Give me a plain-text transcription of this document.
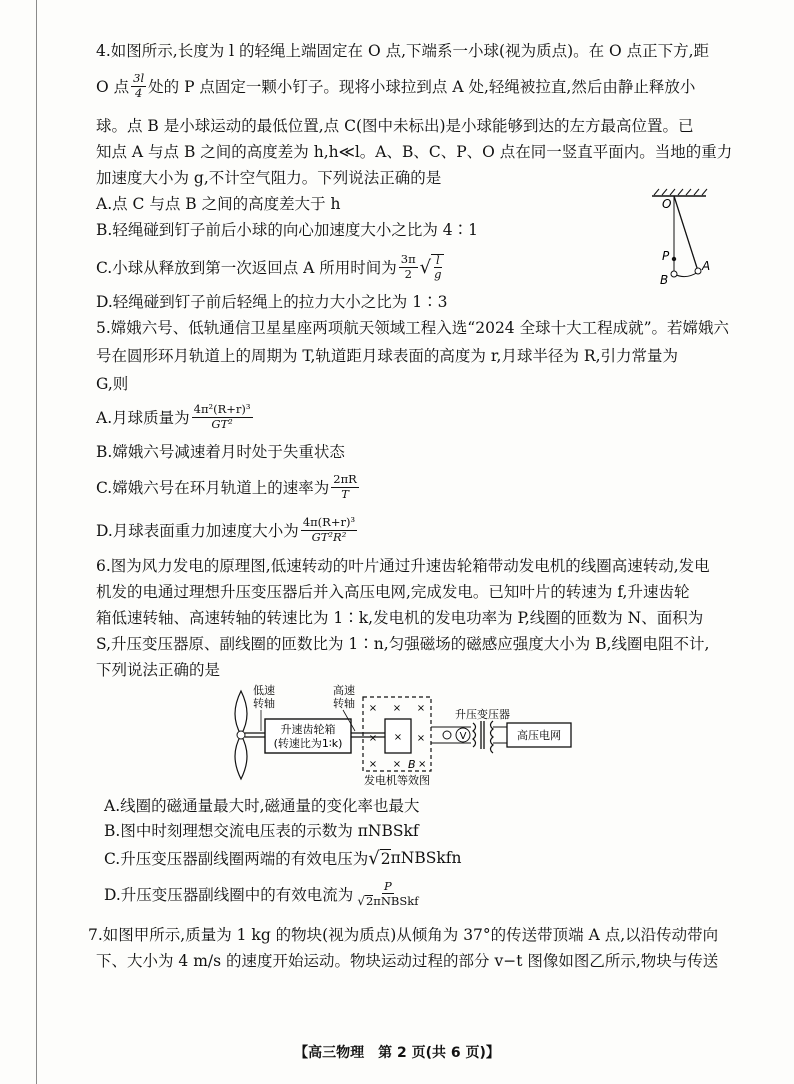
4.如图所示,长度为 l 的轻绳上端固定在 O 点,下端系一小球(视为质点)。在 O 点正下方,距
O 点 $\frac{3l}{4}$ 处的 P 点固定一颗小钉子。现将小球拉到点 A 处,轻绳被拉直,然后由静止释放小
球。点 B 是小球运动的最低位置,点 C(图中未标出)是小球能够到达的左方最高位置。已
知点 A 与点 B 之间的高度差为 h,h≪l。A、B、C、P、O 点在同一竖直平面内。当地的重力
加速度大小为 g,不计空气阻力。下列说法正确的是
A.点 C 与点 B 之间的高度差大于 h
B.轻绳碰到钉子前后小球的向心加速度大小之比为 4∶1
C.小球从释放到第一次返回点 A 所用时间为 $\frac{3\pi}{2}$ √ $\frac{l}{g}$
D.轻绳碰到钉子前后轻绳上的拉力大小之比为 1∶3
O
P
A
B
5.嫦娥六号、低轨通信卫星星座两项航天领域工程入选“2024 全球十大工程成就”。若嫦娥六
号在圆形环月轨道上的周期为 T,轨道距月球表面的高度为 r,月球半径为 R,引力常量为
G,则
A.月球质量为 $\frac{\text{4π²(R+r)³}}{\text{GT²}}$
B.嫦娥六号减速着月时处于失重状态
C.嫦娥六号在环月轨道上的速率为 $\frac{2\pi R}{T}$
D.月球表面重力加速度大小为 $\frac{\text{4π(R+r)³}}{\text{GT²R²}}$
6.图为风力发电的原理图,低速转动的叶片通过升速齿轮箱带动发电机的线圈高速转动,发电
机发的电通过理想升压变压器后并入高压电网,完成发电。已知叶片的转速为 f,升速齿轮
箱低速转轴、高速转轴的转速比为 1∶k,发电机的发电功率为 P,线圈的匝数为 N、面积为
S,升压变压器原、副线圈的匝数比为 1∶n,匀强磁场的磁感应强度大小为 B,线圈电阻不计,
下列说法正确的是
升速齿轮箱
(转速比为1∶k)
低速
转轴
高速
转轴 × × ×
× × ×
× × B ×
发电机等效图
V
升压变压器
高压电网
A.线圈的磁通量最大时,磁通量的变化率也最大
B.图中时刻理想交流电压表的示数为 πNBSkf
C.升压变压器副线圈两端的有效电压为 √ 2 πNBSkfn
D.升压变压器副线圈中的有效电流为 $\frac{P}{\text{√ 2 πNBSkf}}$
7.如图甲所示,质量为 1 kg 的物块(视为质点)从倾角为 37°的传送带顶端 A 点,以沿传动带向
下、大小为 4 m/s 的速度开始运动。物块运动过程的部分 v−t 图像如图乙所示,物块与传送
【高三物理　第 2 页(共 6 页)】
